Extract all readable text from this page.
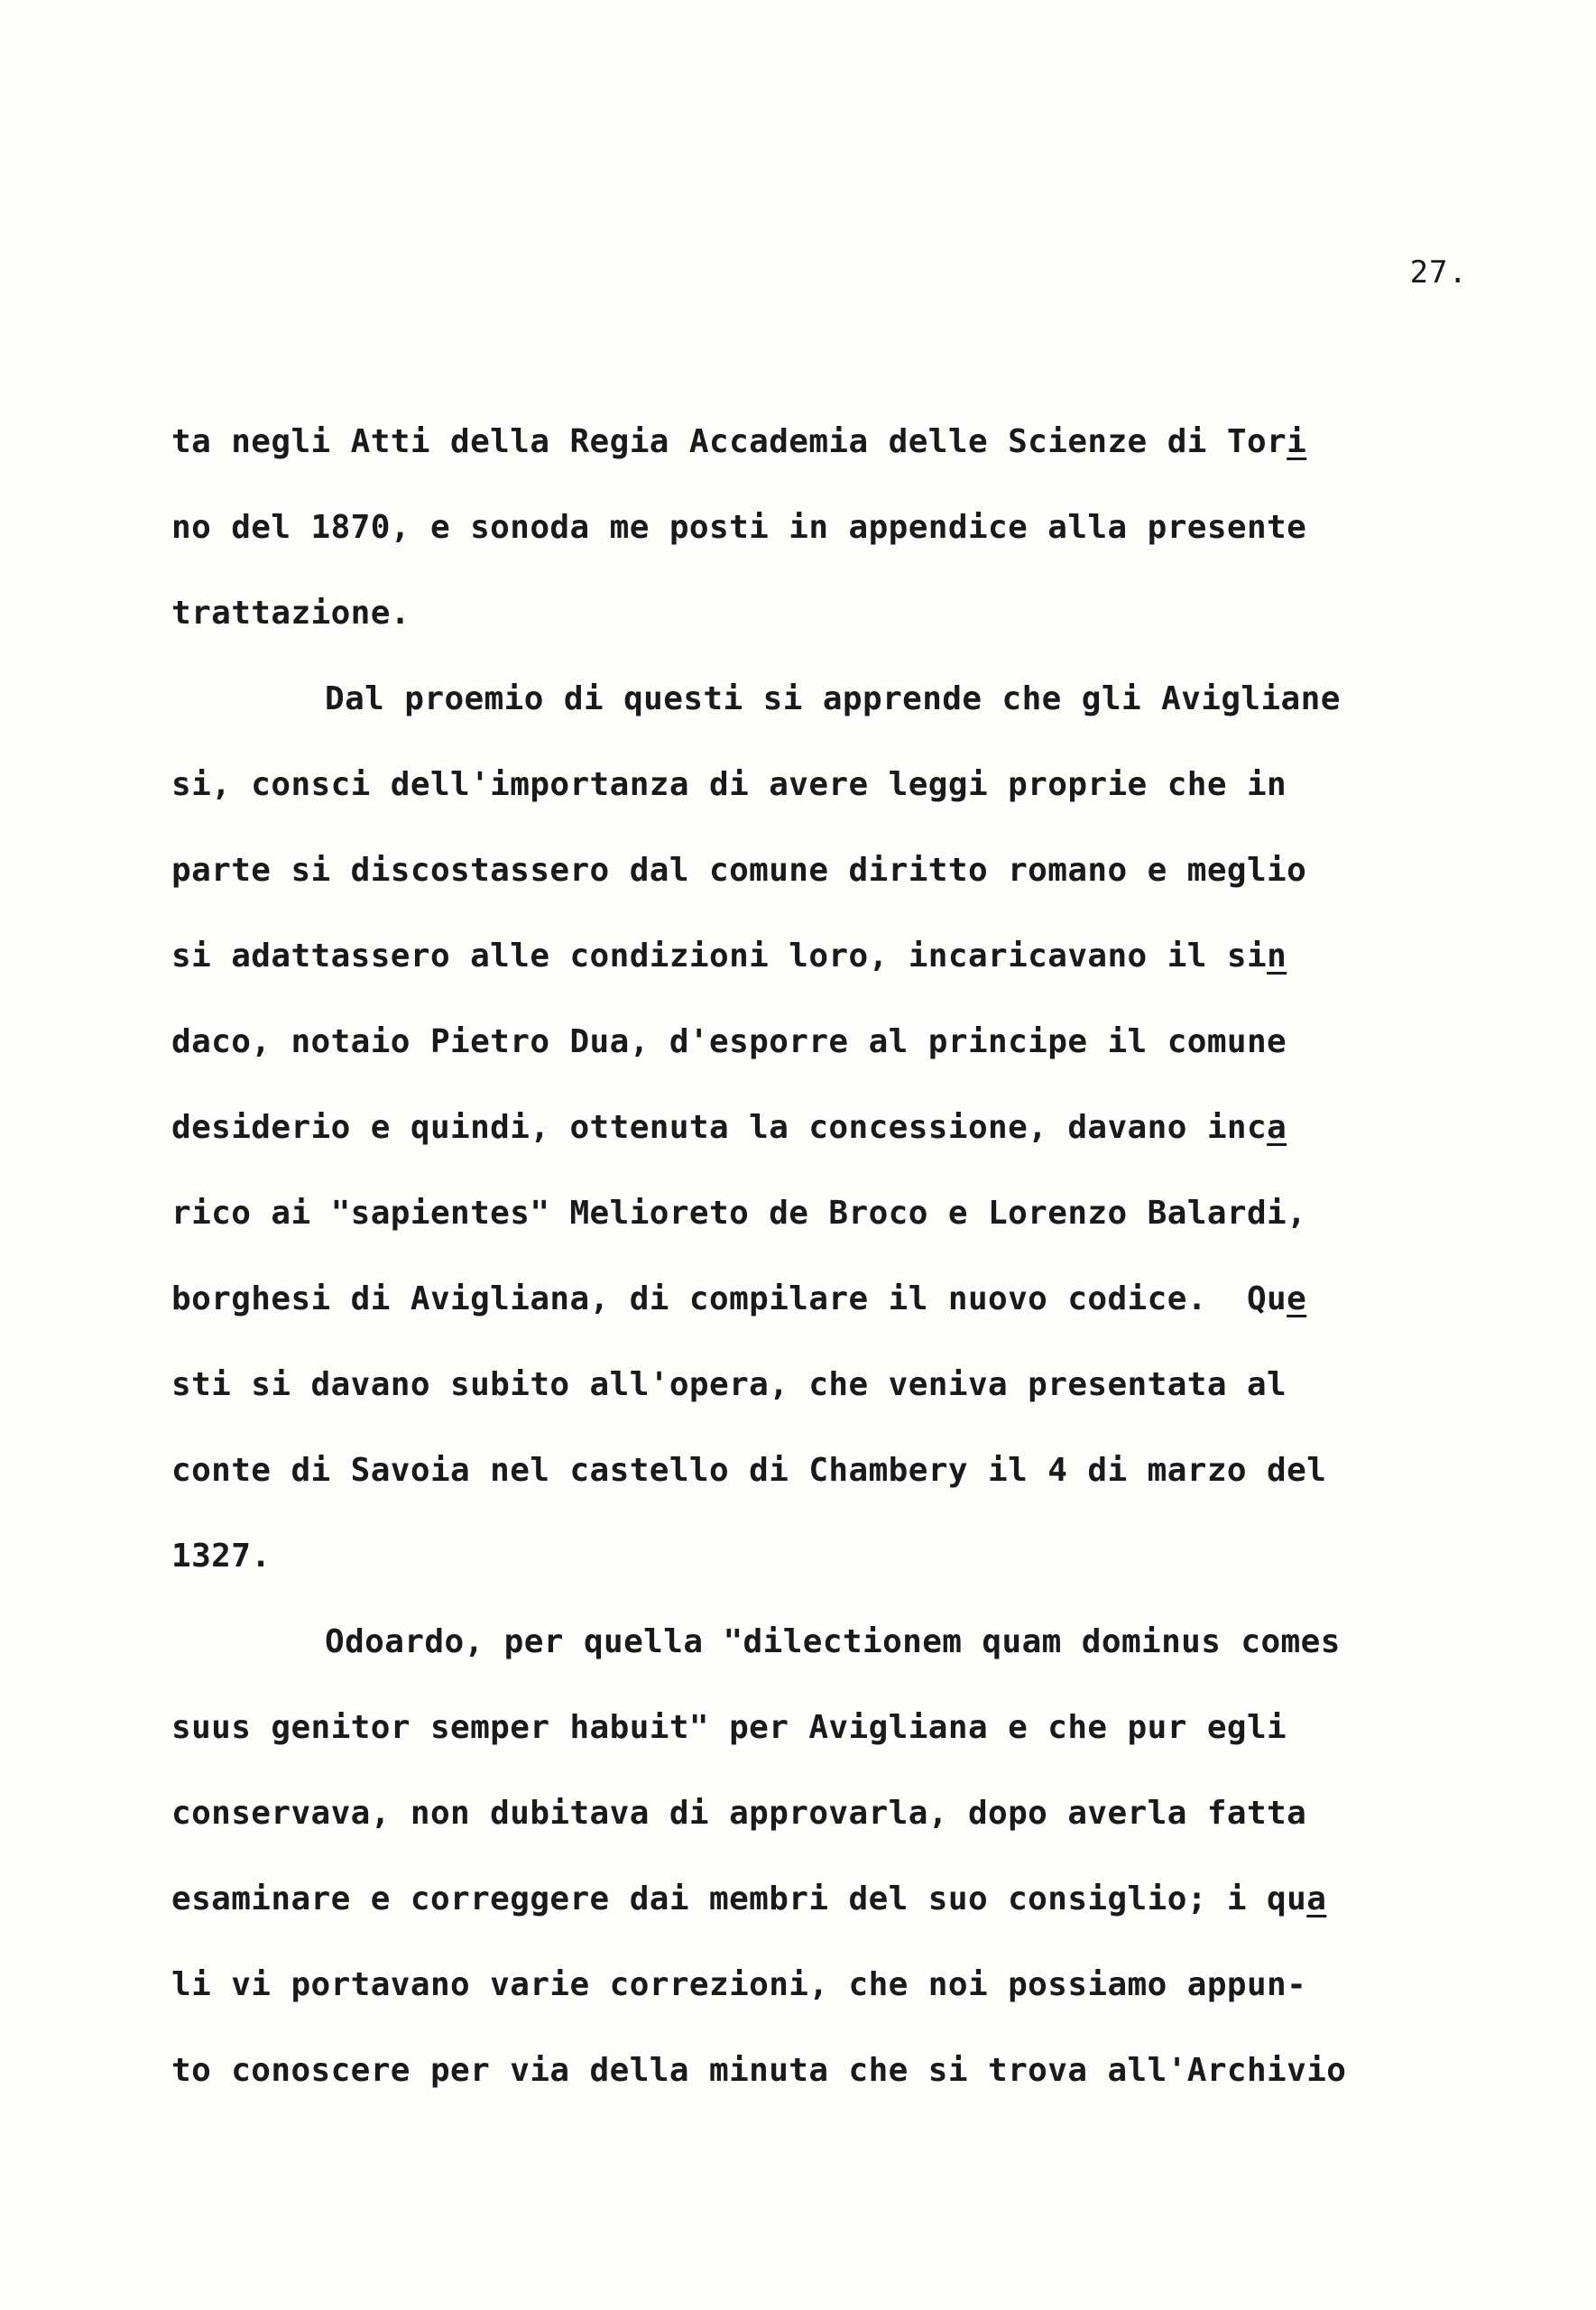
27.
ta negli Atti della Regia Accademia delle Scienze di Tori
no del 1870, e sonoda me posti in appendice alla presente
trattazione.
Dal proemio di questi si apprende che gli Avigliane
si, consci dell'importanza di avere leggi proprie che in
parte si discostassero dal comune diritto romano e meglio
si adattassero alle condizioni loro, incaricavano il sin
daco, notaio Pietro Dua, d'esporre al principe il comune
desiderio e quindi, ottenuta la concessione, davano inca
rico ai "sapientes" Melioreto de Broco e Lorenzo Balardi,
borghesi di Avigliana, di compilare il nuovo codice.  Que
sti si davano subito all'opera, che veniva presentata al
conte di Savoia nel castello di Chambery il 4 di marzo del
1327.
Odoardo, per quella "dilectionem quam dominus comes
suus genitor semper habuit" per Avigliana e che pur egli
conservava, non dubitava di approvarla, dopo averla fatta
esaminare e correggere dai membri del suo consiglio; i qua
li vi portavano varie correzioni, che noi possiamo appun-
to conoscere per via della minuta che si trova all'Archivio
